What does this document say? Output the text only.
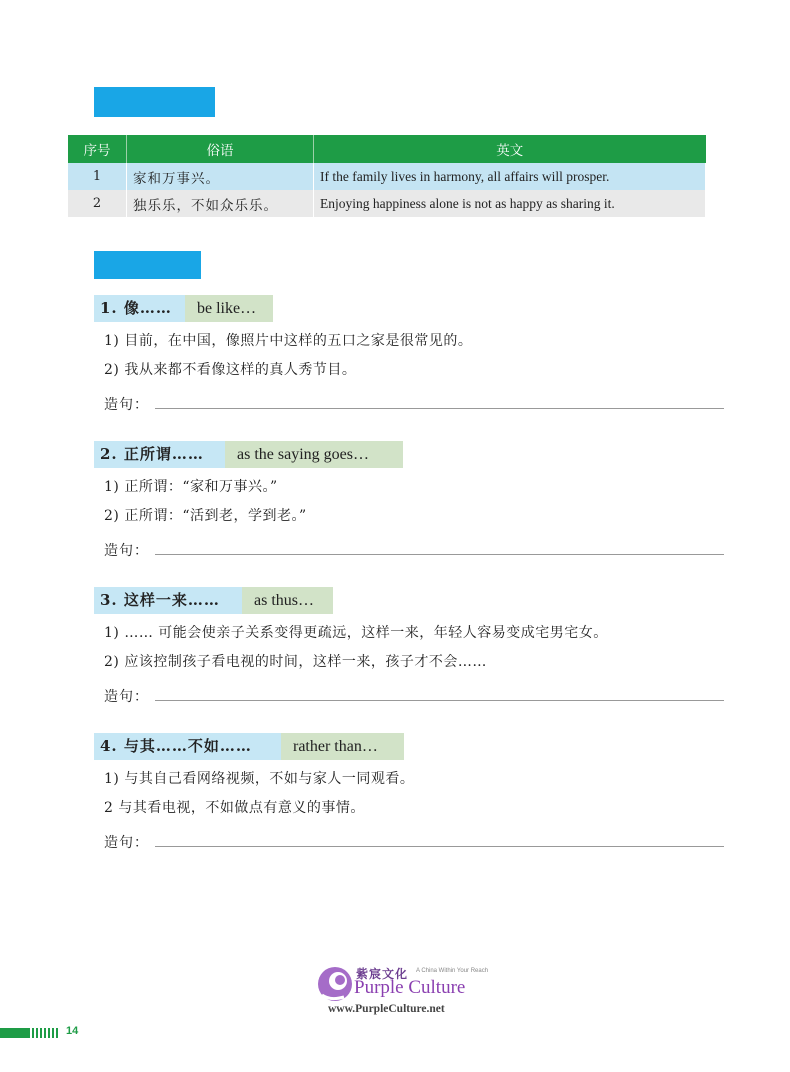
序号	俗语	英文
1	家和万事兴。	If the family lives in harmony, all affairs will prosper.
2	独乐乐，不如众乐乐。	Enjoying happiness alone is not as happy as sharing it.
1. 像……	be like…
1) 目前，在中国，像照片中这样的五口之家是很常见的。
2) 我从来都不看像这样的真人秀节目。
造句：
2. 正所谓……	as the saying goes…
1) 正所谓：“家和万事兴。”
2) 正所谓：“活到老，学到老。”
造句：
3. 这样一来……	as thus…
1) …… 可能会使亲子关系变得更疏远，这样一来，年轻人容易变成宅男宅女。
2) 应该控制孩子看电视的时间，这样一来，孩子才不会……
造句：
4. 与其……不如……	rather than…
1) 与其自己看网络视频，不如与家人一同观看。
2 与其看电视，不如做点有意义的事情。
造句：
紫宸文化 A China Within Your Reach
Purple Culture
www.PurpleCulture.net
14
